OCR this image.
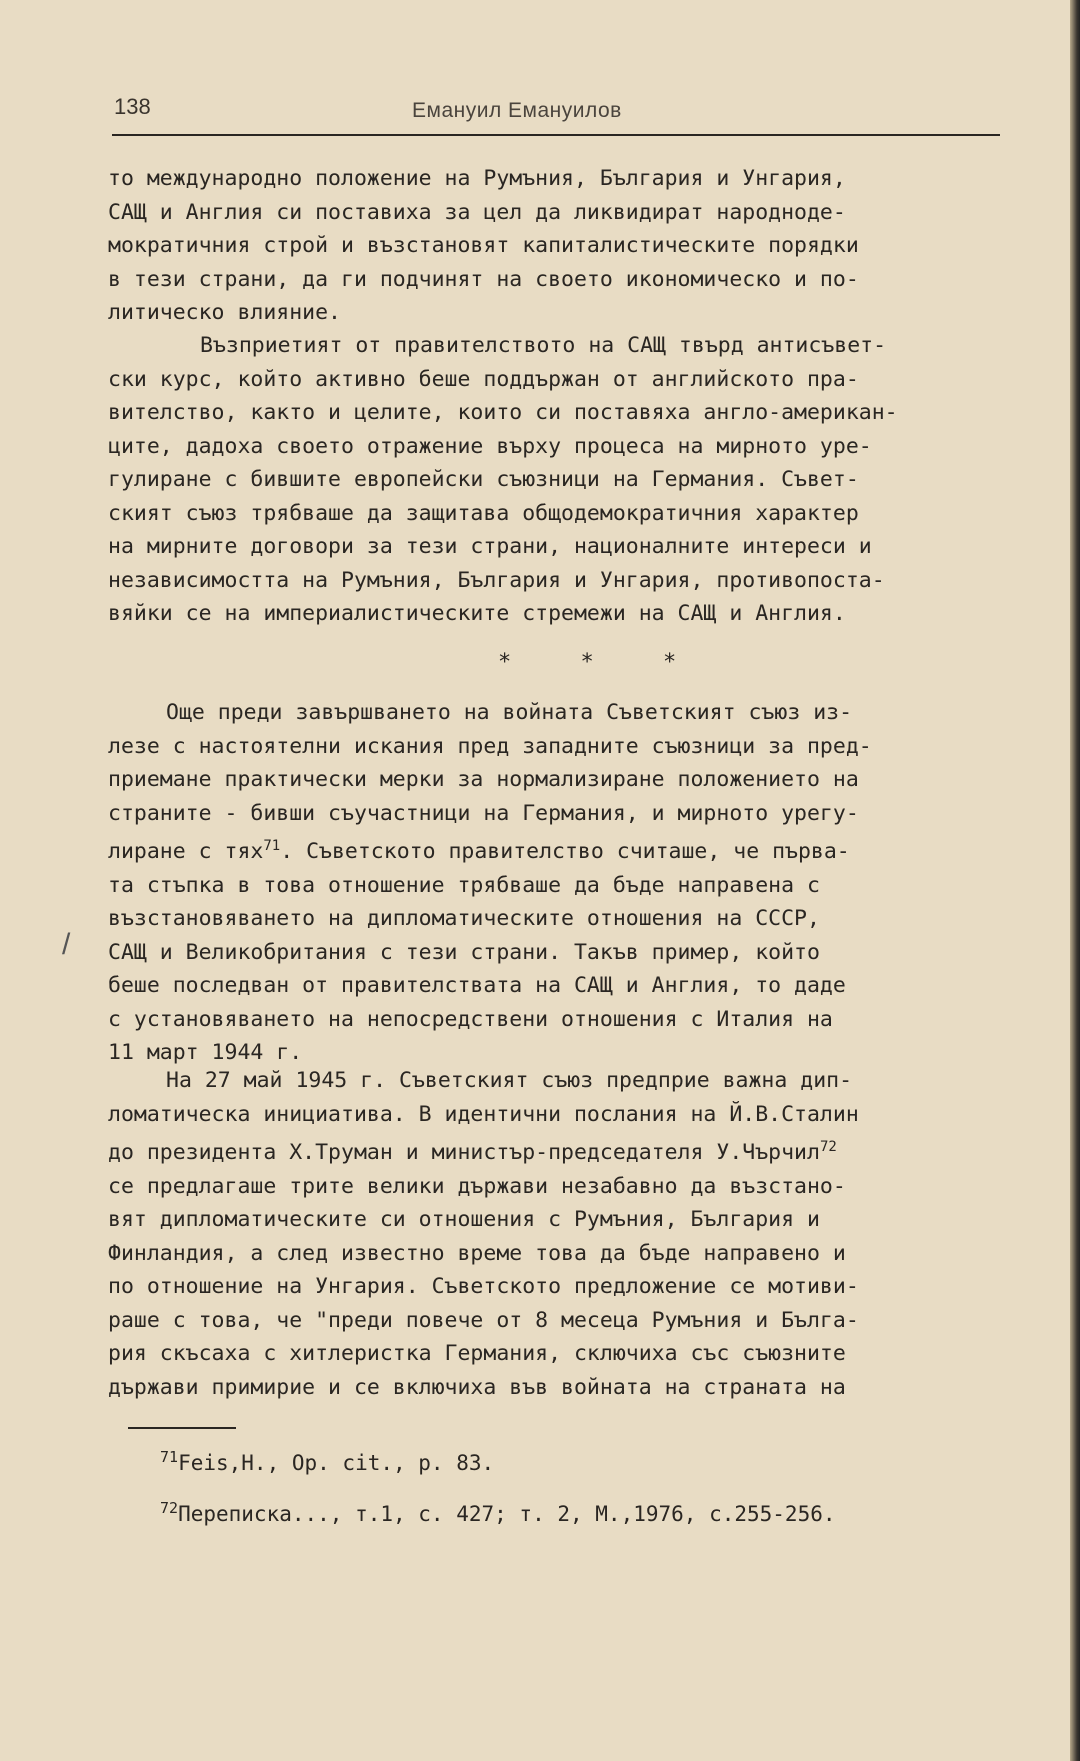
138	Емануил Емануилов
то международно положение на Румъния, България и Унгария,
САЩ и Англия си поставиха за цел да ликвидират народноде-
мократичния строй и възстановят капиталистическите порядки
в тези страни, да ги подчинят на своето икономическо и по-
литическо влияние.
Възприетият от правителството на САЩ твърд антисъвет-
ски курс, който активно беше поддържан от английското пра-
вителство, както и целите, които си поставяха англо-американ-
ците, дадоха своето отражение върху процеса на мирното уре-
гулиране с бившите европейски съюзници на Германия. Съвет-
ският съюз трябваше да защитава общодемократичния характер
на мирните договори за тези страни, националните интереси и
независимостта на Румъния, България и Унгария, противопоста-
вяйки се на империалистическите стремежи на САЩ и Англия.
* * *
Още преди завършването на войната Съветският съюз из-
лезе с настоятелни искания пред западните съюзници за пред-
приемане практически мерки за нормализиране положението на
страните - бивши съучастници на Германия, и мирното урегу-
лиране с тях$^{71}$. Съветското правителство считаше, че първа-
та стъпка в това отношение трябваше да бъде направена с
възстановяването на дипломатическите отношения на СССР,
САЩ и Великобритания с тези страни. Такъв пример, който
беше последван от правителствата на САЩ и Англия, то даде
с установяването на непосредствени отношения с Италия на
11 март 1944 г.
/
На 27 май 1945 г. Съветският съюз предприе важна дип-
ломатическа инициатива. В идентични послания на Й.В.Сталин
до президента Х.Труман и министър-председателя У.Чърчил$^{72}$
се предлагаше трите велики държави незабавно да възстано-
вят дипломатическите си отношения с Румъния, България и
Финландия, а след известно време това да бъде направено и
по отношение на Унгария. Съветското предложение се мотиви-
раше с това, че "преди повече от 8 месеца Румъния и Бълга-
рия скъсаха с хитлеристка Германия, сключиха със съюзните
държави примирие и се включиха във войната на страната на
$^{71}$Feis,H., Op. cit., p. 83.
$^{72}$Переписка..., т.1, с. 427; т. 2, М.,1976, с.255-256.
